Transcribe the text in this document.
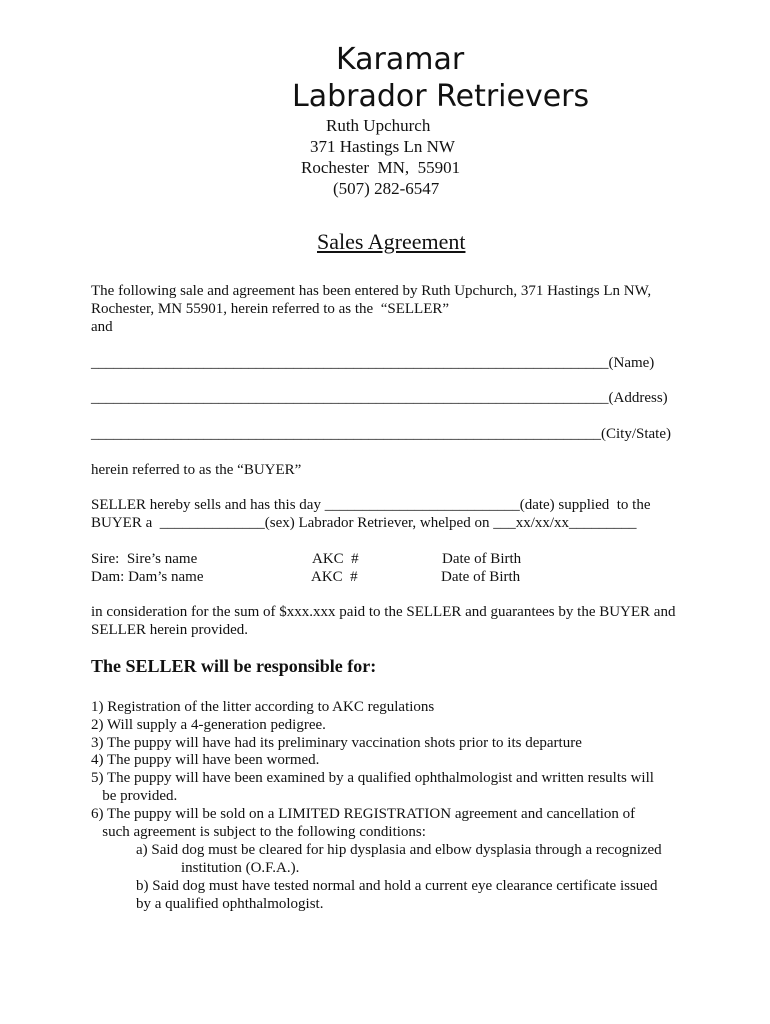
Karamar
Labrador Retrievers
Ruth Upchurch
371 Hastings Ln NW
Rochester  MN,  55901
(507) 282-6547
Sales Agreement
The following sale and agreement has been entered by Ruth Upchurch, 371 Hastings Ln NW,
Rochester, MN 55901, herein referred to as the  “SELLER”
and
_____________________________________________________________________(Name)
_____________________________________________________________________(Address)
____________________________________________________________________(City/State)
herein referred to as the “BUYER”
SELLER hereby sells and has this day __________________________(date) supplied  to the
BUYER a  ______________(sex) Labrador Retriever, whelped on ___xx/xx/xx_________
Sire:  Sire’s name	AKC  #	Date of Birth
Dam: Dam’s name	AKC  #	Date of Birth
in consideration for the sum of $xxx.xxx paid to the SELLER and guarantees by the BUYER and
SELLER herein provided.
The SELLER will be responsible for:
1) Registration of the litter according to AKC regulations
2) Will supply a 4-generation pedigree.
3) The puppy will have had its preliminary vaccination shots prior to its departure
4) The puppy will have been wormed.
5) The puppy will have been examined by a qualified ophthalmologist and written results will
be provided.
6) The puppy will be sold on a LIMITED REGISTRATION agreement and cancellation of
such agreement is subject to the following conditions:
a) Said dog must be cleared for hip dysplasia and elbow dysplasia through a recognized
institution (O.F.A.).
b) Said dog must have tested normal and hold a current eye clearance certificate issued
by a qualified ophthalmologist.
